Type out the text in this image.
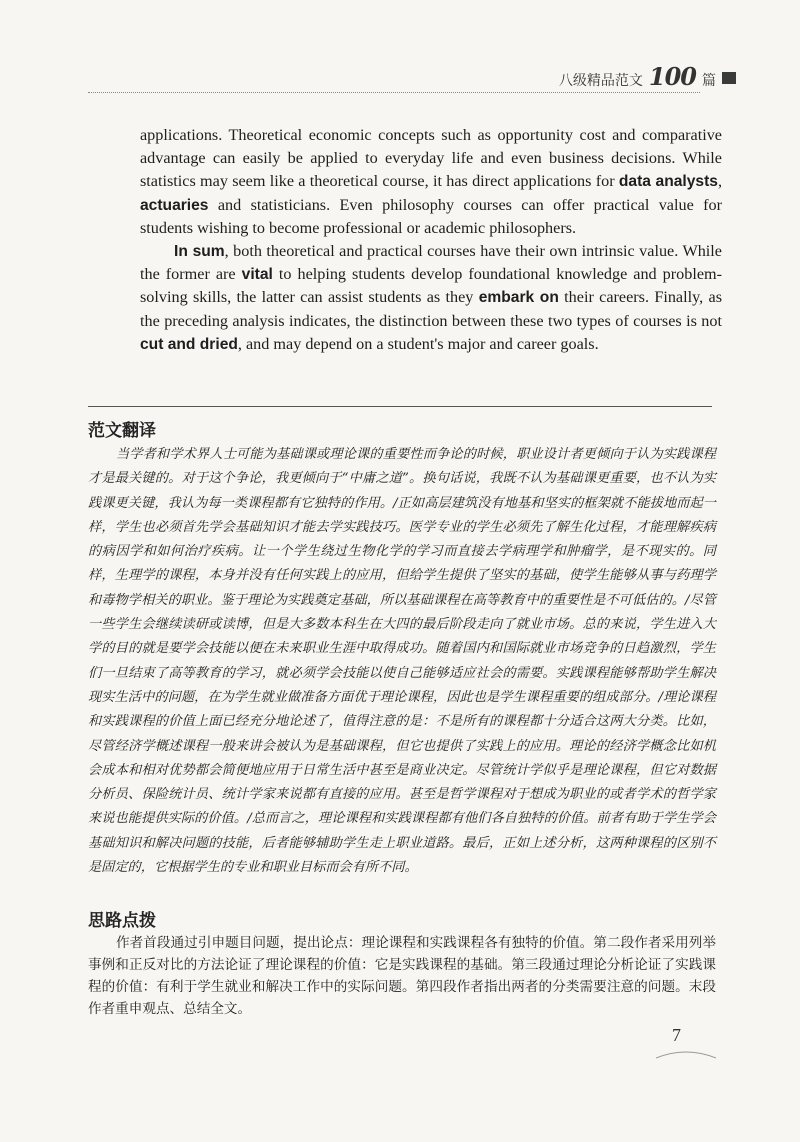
八级精品范文 100 篇

applications. Theoretical economic concepts such as opportunity cost and comparative advantage can easily be applied to everyday life and even business decisions. While statistics may seem like a theoretical course, it has direct applications for data analysts, actuaries and statisticians. Even philosophy courses can offer practical value for students wishing to become professional or academic philosophers.

In sum, both theoretical and practical courses have their own intrinsic value. While the former are vital to helping students develop foundational knowledge and problem-solving skills, the latter can assist students as they embark on their careers. Finally, as the preceding analysis indicates, the distinction between these two types of courses is not cut and dried, and may depend on a student's major and career goals.

范文翻译

当学者和学术界人士可能为基础课或理论课的重要性而争论的时候，职业设计者更倾向于认为实践课程才是最关键的。对于这个争论，我更倾向于“中庸之道”。换句话说，我既不认为基础课更重要，也不认为实践课更关键，我认为每一类课程都有它独特的作用。/正如高层建筑没有地基和坚实的框架就不能拔地而起一样，学生也必须首先学会基础知识才能去学实践技巧。医学专业的学生必须先了解生化过程，才能理解疾病的病因学和如何治疗疾病。让一个学生绕过生物化学的学习而直接去学病理学和肿瘤学，是不现实的。同样，生理学的课程，本身并没有任何实践上的应用，但给学生提供了坚实的基础，使学生能够从事与药理学和毒物学相关的职业。鉴于理论为实践奠定基础，所以基础课程在高等教育中的重要性是不可低估的。/尽管一些学生会继续读研或读博，但是大多数本科生在大四的最后阶段走向了就业市场。总的来说，学生进入大学的目的就是要学会技能以便在未来职业生涯中取得成功。随着国内和国际就业市场竞争的日趋激烈，学生们一旦结束了高等教育的学习，就必须学会技能以使自己能够适应社会的需要。实践课程能够帮助学生解决现实生活中的问题，在为学生就业做准备方面优于理论课程，因此也是学生课程重要的组成部分。/理论课程和实践课程的价值上面已经充分地论述了，值得注意的是：不是所有的课程都十分适合这两大分类。比如，尽管经济学概述课程一般来讲会被认为是基础课程，但它也提供了实践上的应用。理论的经济学概念比如机会成本和相对优势都会简便地应用于日常生活中甚至是商业决定。尽管统计学似乎是理论课程，但它对数据分析员、保险统计员、统计学家来说都有直接的应用。甚至是哲学课程对于想成为职业的或者学术的哲学家来说也能提供实际的价值。/总而言之，理论课程和实践课程都有他们各自独特的价值。前者有助于学生学会基础知识和解决问题的技能，后者能够辅助学生走上职业道路。最后，正如上述分析，这两种课程的区别不是固定的，它根据学生的专业和职业目标而会有所不同。

思路点拨

作者首段通过引申题目问题，提出论点：理论课程和实践课程各有独特的价值。第二段作者采用列举事例和正反对比的方法论证了理论课程的价值：它是实践课程的基础。第三段通过理论分析论证了实践课程的价值：有利于学生就业和解决工作中的实际问题。第四段作者指出两者的分类需要注意的问题。末段作者重申观点、总结全文。

7
